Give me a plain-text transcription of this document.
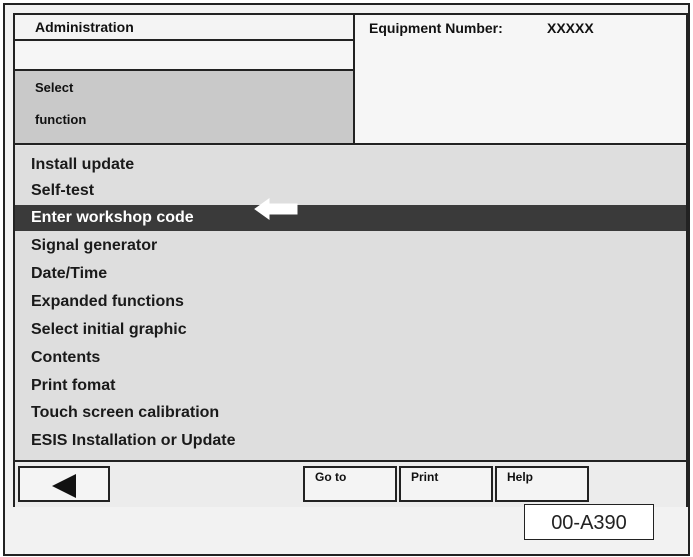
Administration
Select
function
Equipment Number:	XXXXX
Install update
Self-test
Enter workshop code
Signal generator
Date/Time
Expanded functions
Select initial graphic
Contents
Print fomat
Touch screen calibration
ESIS Installation or Update
Go to	Print	Help
00-A390
